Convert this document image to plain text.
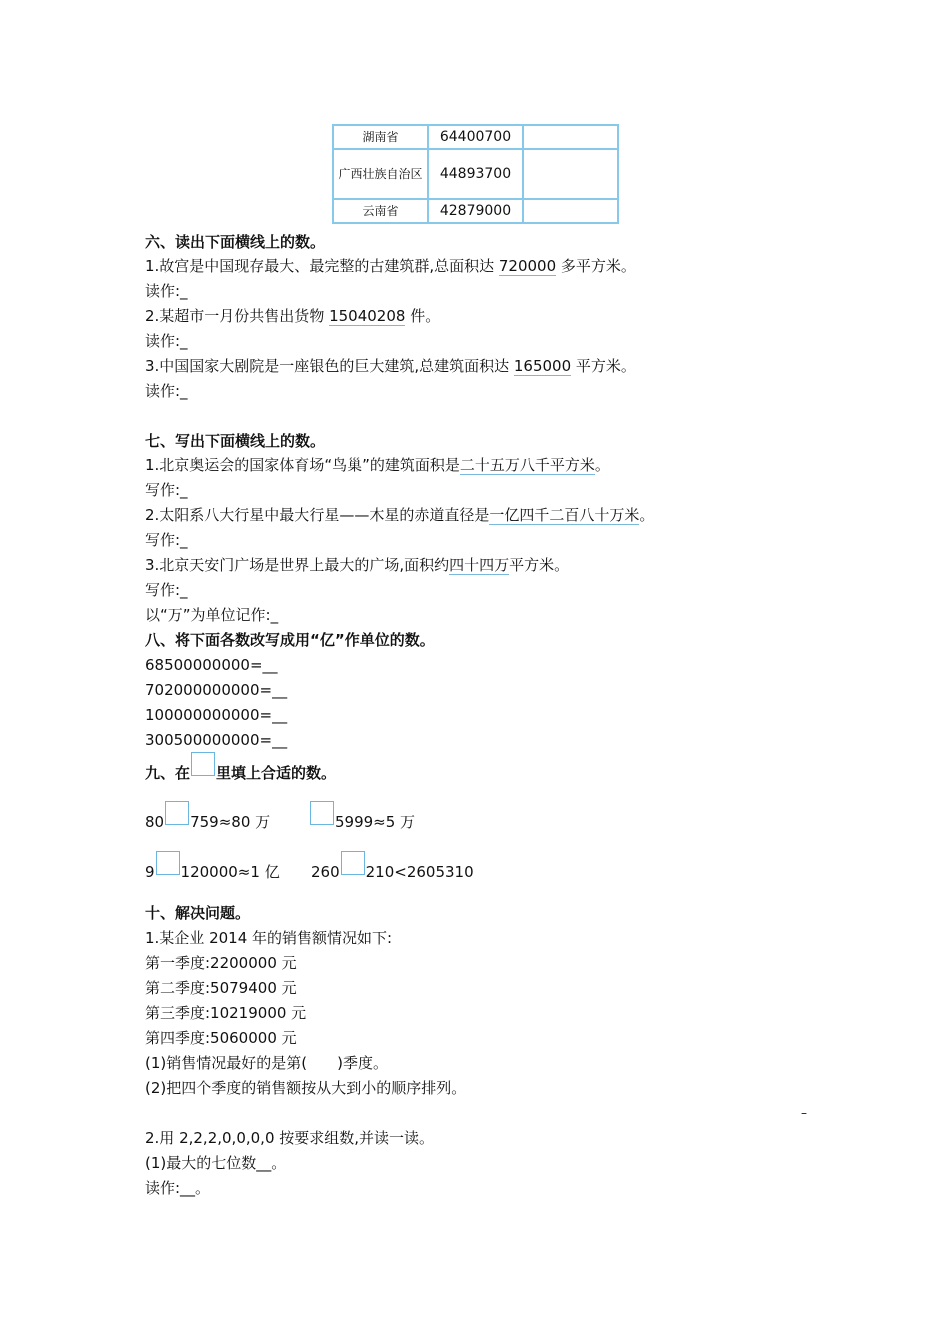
湖南省	64400700	
广西壮族自治区	44893700	
云南省	42879000	
六、读出下面横线上的数。
1.故宫是中国现存最大、最完整的古建筑群,总面积达 720000 多平方米。
读作:_
2.某超市一月份共售出货物 15040208 件。
读作:_
3.中国国家大剧院是一座银色的巨大建筑,总建筑面积达 165000 平方米。
读作:_
七、写出下面横线上的数。
1.北京奥运会的国家体育场“鸟巢”的建筑面积是二十五万八千平方米。
写作:_
2.太阳系八大行星中最大行星——木星的赤道直径是一亿四千二百八十万米。
写作:_
3.北京天安门广场是世界上最大的广场,面积约四十四万平方米。
写作:_
以“万”为单位记作:_
八、将下面各数改写成用“亿”作单位的数。
68500000000=__
702000000000=__
100000000000=__
300500000000=__
九、在 里填上合适的数。
80 759≈80 万	5999≈5 万
9 120000≈1 亿 260 210<2605310
十、解决问题。
1.某企业 2014 年的销售额情况如下:
第一季度:2200000 元
第二季度:5079400 元
第三季度:10219000 元
第四季度:5060000 元
(1)销售情况最好的是第(　　)季度。
(2)把四个季度的销售额按从大到小的顺序排列。
–
2.用 2,2,2,0,0,0,0 按要求组数,并读一读。
(1)最大的七位数__。
读作:__。
